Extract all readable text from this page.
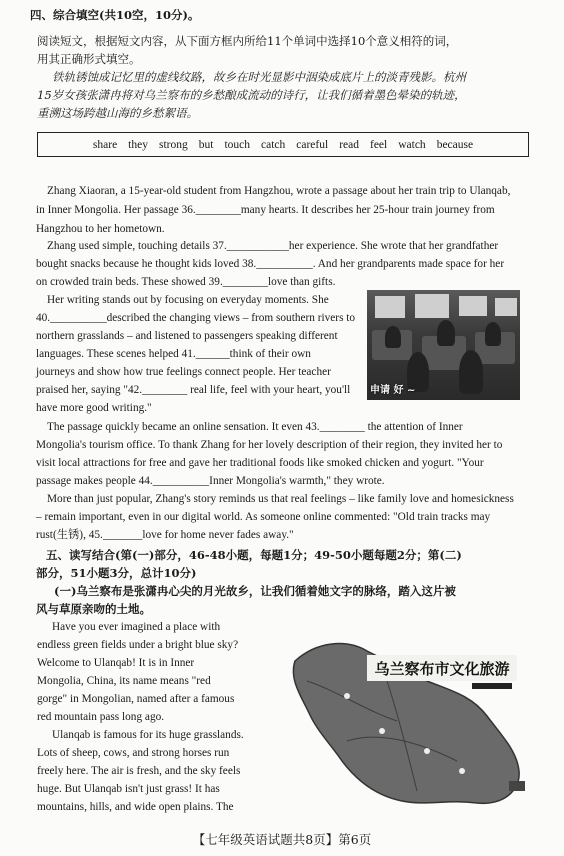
四、综合填空(共10空，10分)。
阅读短文，根据短文内容，从下面方框内所给11个单词中选择10个意义相符的词，
用其正确形式填空。
铁轨锈蚀成记忆里的虚线纹路，故乡在时光显影中洇染成底片上的淡青残影。杭州
15岁女孩张潇冉将对乌兰察布的乡愁酿成流动的诗行，让我们循着墨色晕染的轨迹，
重溯这场跨越山海的乡愁絮语。
share they strong but touch catch careful read feel watch because
Zhang Xiaoran, a 15-year-old student from Hangzhou, wrote a passage about her train trip to Ulanqab,
in Inner Mongolia. Her passage 36.________many hearts. It describes her 25-hour train journey from
Hangzhou to her hometown.
Zhang used simple, touching details 37.___________her experience. She wrote that her grandfather
bought snacks because he thought kids loved 38.__________. And her grandparents made space for her
on crowded train beds. These showed 39.________love than gifts.
Her writing stands out by focusing on everyday moments. She
40.__________described the changing views – from southern rivers to
northern grasslands – and listened to passengers speaking different
languages. These scenes helped 41.______think of their own
journeys and show how true feelings connect people. Her teacher
praised her, saying "42.________ real life, feel with your heart, you'll
have more good writing."
申请 好 ~
The passage quickly became an online sensation. It even 43.________ the attention of Inner
Mongolia's tourism office. To thank Zhang for her lovely description of their region, they invited her to
visit local attractions for free and gave her traditional foods like smoked chicken and yogurt. "Your
passage makes people 44.__________Inner Mongolia's warmth," they wrote.
More than just popular, Zhang's story reminds us that real feelings – like family love and homesickness
– remain important, even in our digital world. As someone online commented: "Old train tracks may
rust(生锈), 45._______love for home never fades away."
五、读写结合(第(一)部分，46-48小题，每题1分；49-50小题每题2分；第(二)
部分，51小题3分，总计10分)
(一)乌兰察布是张潇冉心尖的月光故乡，让我们循着她文字的脉络，踏入这片被
风与草原亲吻的土地。
Have you ever imagined a place with
endless green fields under a bright blue sky?
Welcome to Ulanqab! It is in Inner
Mongolia, China, its name means "red
gorge" in Mongolian, named after a famous
red mountain pass long ago.
Ulanqab is famous for its huge grasslands.
Lots of sheep, cows, and strong horses run
freely here. The air is fresh, and the sky feels
huge. But Ulanqab isn't just grass! It has
mountains, hills, and wide open plains. The
乌兰察布市文化旅游
【七年级英语试题共8页】第6页
